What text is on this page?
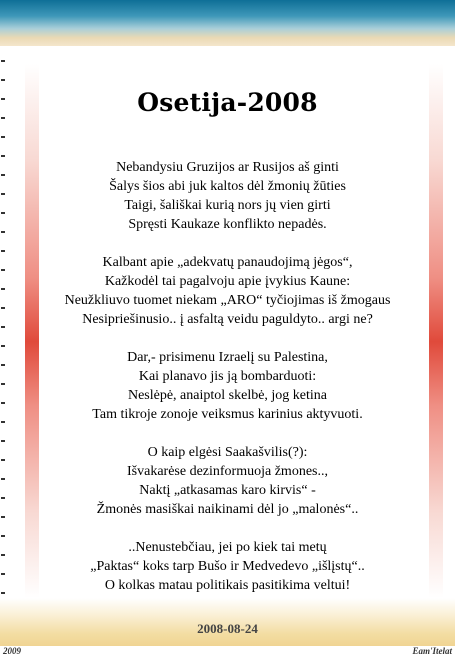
Osetija-2008
Nebandysiu Gruzijos ar Rusijos aš ginti
Šalys šios abi juk kaltos dėl žmonių žūties
Taigi, šališkai kurią nors jų vien girti
Spręsti Kaukaze konflikto nepadės.
Kalbant apie „adekvatų panaudojimą jėgos“,
Kažkodėl tai pagalvoju apie įvykius Kaune:
Neužkliuvo tuomet niekam „ARO“ tyčiojimas iš žmogaus
Nesipriešinusio.. į asfaltą veidu paguldyto.. argi ne?
Dar,- prisimenu Izraelį su Palestina,
Kai planavo jis ją bombarduoti:
Neslėpė, anaiptol skelbė, jog ketina
Tam tikroje zonoje veiksmus karinius aktyvuoti.
O kaip elgėsi Saakašvilis(?):
Išvakarėse dezinformuoja žmones..,
Naktį „atkasamas karo kirvis“ -
Žmonės masiškai naikinami dėl jo „malonės“..
..Nenustebčiau, jei po kiek tai metų
„Paktas“ koks tarp Bušo ir Medvedevo „išlįstų“..
O kolkas matau politikais pasitikima veltui!
2008-08-24
2009	Eam'Itelat
